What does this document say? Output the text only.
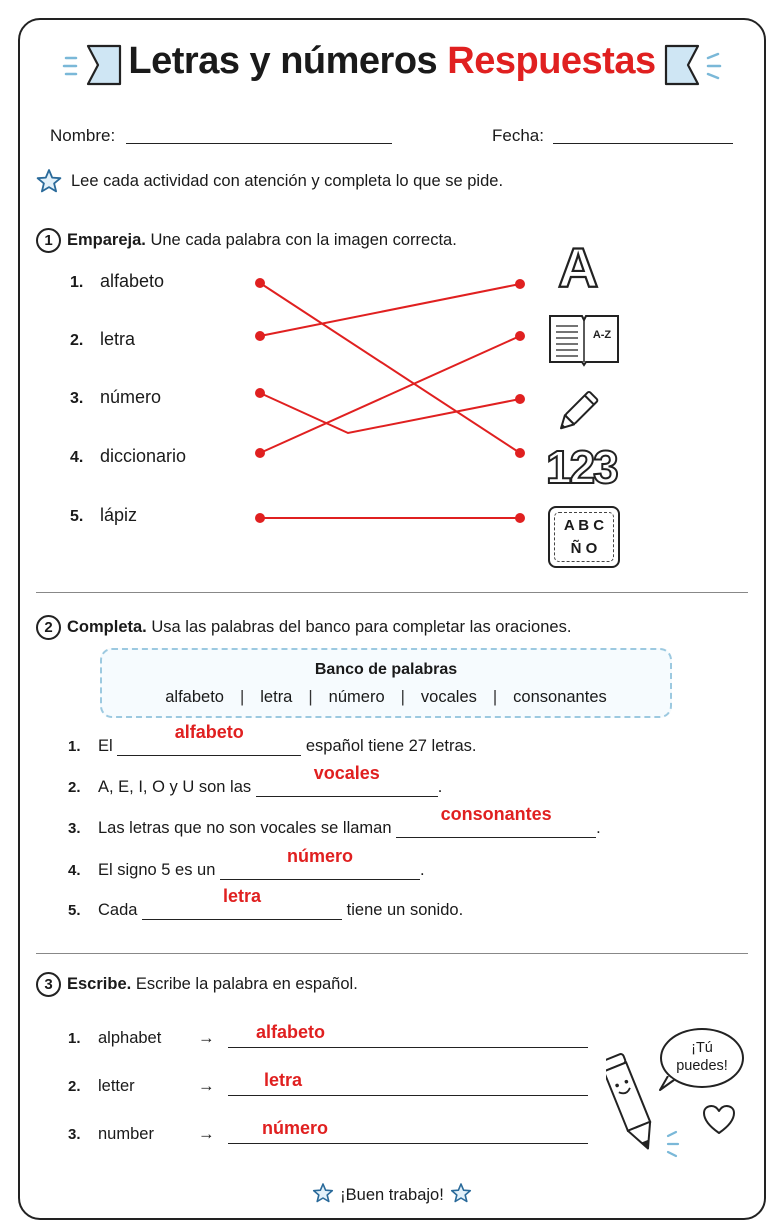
Letras y números Respuestas
Nombre:	Fecha:
Lee cada actividad con atención y completa lo que se pide.
1 Empareja. Une cada palabra con la imagen correcta.
1. alfabeto
2. letra
3. número
4. diccionario
5. lápiz
A
A-Z
123
A B C
Ñ O
2 Completa. Usa las palabras del banco para completar las oraciones.
Banco de palabras
alfabeto | letra | número | vocales | consonantes
1. El
alfabeto
español tiene 27 letras.
2. A, E, I, O y U son las
vocales
.
3. Las letras que no son vocales se llaman
consonantes
.
4. El signo 5 es un
número
.
5. Cada
letra
tiene un sonido.
3 Escribe. Escribe la palabra en español.
1. alphabet → alfabeto
2. letter	→	letra
3. number	→	número
¡Tú
puedes!
¡Buen trabajo!
